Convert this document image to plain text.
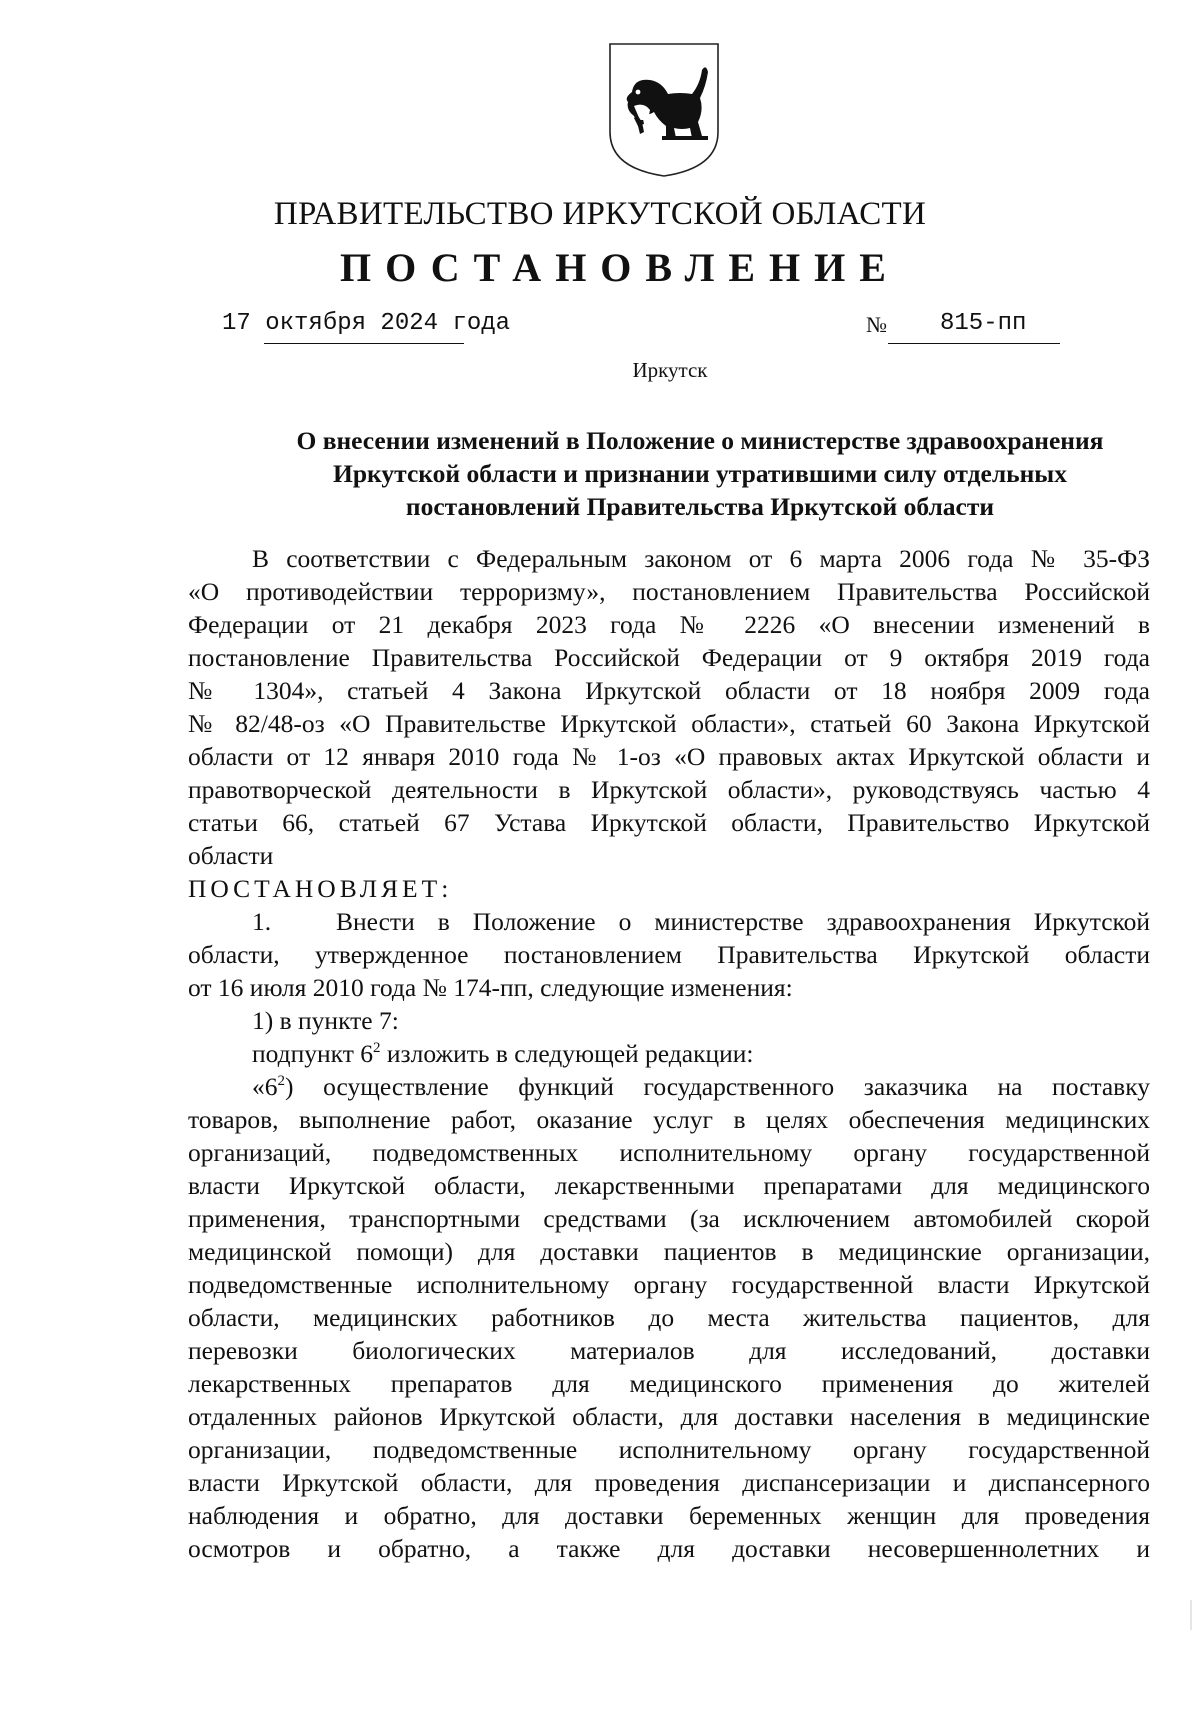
ПРАВИТЕЛЬСТВО ИРКУТСКОЙ ОБЛАСТИ
ПОСТАНОВЛЕНИЕ
17 октября 2024 года	№ 815-пп
Иркутск
О внесении изменений в Положение о министерстве здравоохранения
Иркутской области и признании утратившими силу отдельных
постановлений Правительства Иркутской области
В соответствии с Федеральным законом от 6 марта 2006 года № 35-ФЗ
«О противодействии терроризму», постановлением Правительства Российской
Федерации от 21 декабря 2023 года № 2226 «О внесении изменений в
постановление Правительства Российской Федерации от 9 октября 2019 года
№ 1304», статьей 4 Закона Иркутской области от 18 ноября 2009 года
№ 82/48-оз «О Правительстве Иркутской области», статьей 60 Закона Иркутской
области от 12 января 2010 года № 1-оз «О правовых актах Иркутской области и
правотворческой деятельности в Иркутской области», руководствуясь частью 4
статьи 66, статьей 67 Устава Иркутской области, Правительство Иркутской
области
ПОСТАНОВЛЯЕТ:
1.	Внести в Положение о министерстве здравоохранения Иркутской
области, утвержденное постановлением Правительства Иркутской области
от 16 июля 2010 года № 174-пп, следующие изменения:
1) в пункте 7:
подпункт $6^2$ изложить в следующей редакции:
«$6^2$) осуществление функций государственного заказчика на поставку
товаров, выполнение работ, оказание услуг в целях обеспечения медицинских
организаций, подведомственных исполнительному органу государственной
власти Иркутской области, лекарственными препаратами для медицинского
применения, транспортными средствами (за исключением автомобилей скорой
медицинской помощи) для доставки пациентов в медицинские организации,
подведомственные исполнительному органу государственной власти Иркутской
области, медицинских работников до места жительства пациентов, для
перевозки биологических материалов для исследований, доставки
лекарственных препаратов для медицинского применения до жителей
отдаленных районов Иркутской области, для доставки населения в медицинские
организации, подведомственные исполнительному органу государственной
власти Иркутской области, для проведения диспансеризации и диспансерного
наблюдения и обратно, для доставки беременных женщин для проведения
осмотров и обратно, а также для доставки несовершеннолетних и
